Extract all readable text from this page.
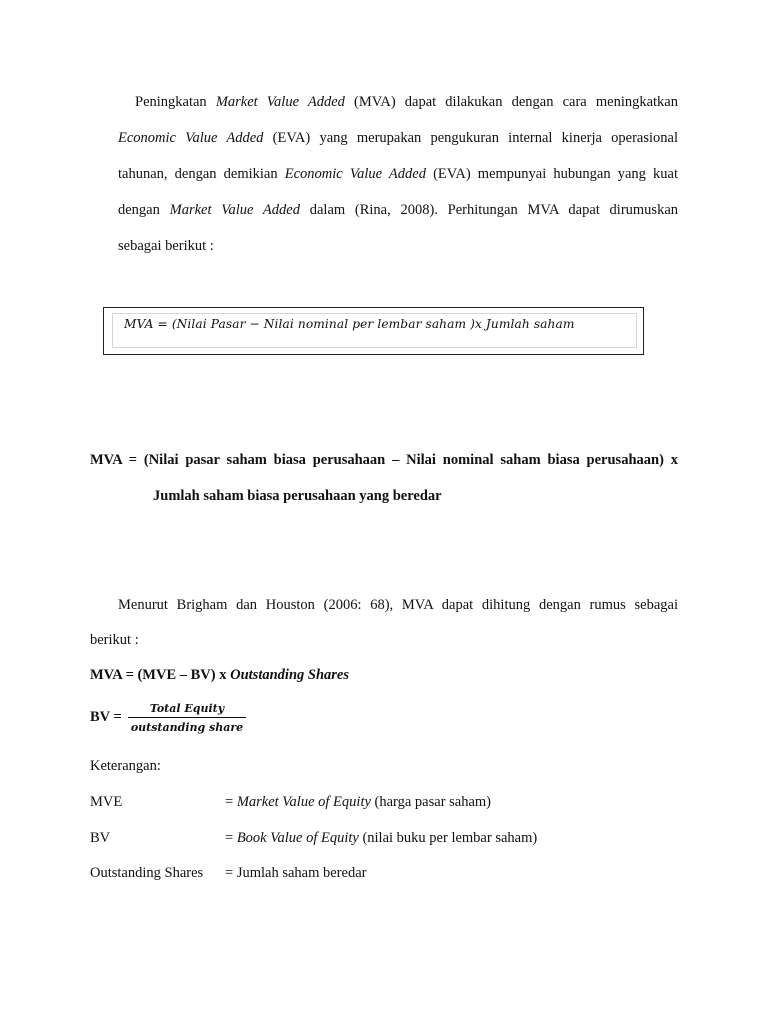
Peningkatan Market Value Added (MVA) dapat dilakukan dengan cara meningkatkan
Economic Value Added (EVA) yang merupakan pengukuran internal kinerja operasional
tahunan, dengan demikian Economic Value Added (EVA) mempunyai hubungan yang kuat
dengan Market Value Added dalam (Rina, 2008). Perhitungan MVA dapat dirumuskan
sebagai berikut :
MVA = (Nilai Pasar − Nilai nominal per lembar saham )x Jumlah saham
MVA = (Nilai pasar saham biasa perusahaan – Nilai nominal saham biasa perusahaan) x
Jumlah saham biasa perusahaan yang beredar
Menurut Brigham dan Houston (2006: 68), MVA dapat dihitung dengan rumus sebagai
berikut :
MVA = (MVE – BV) x Outstanding Shares
BV =
Total Equity
outstanding share
Keterangan:
MVE	= Market Value of Equity (harga pasar saham)
BV	= Book Value of Equity (nilai buku per lembar saham)
Outstanding Shares = Jumlah saham beredar
